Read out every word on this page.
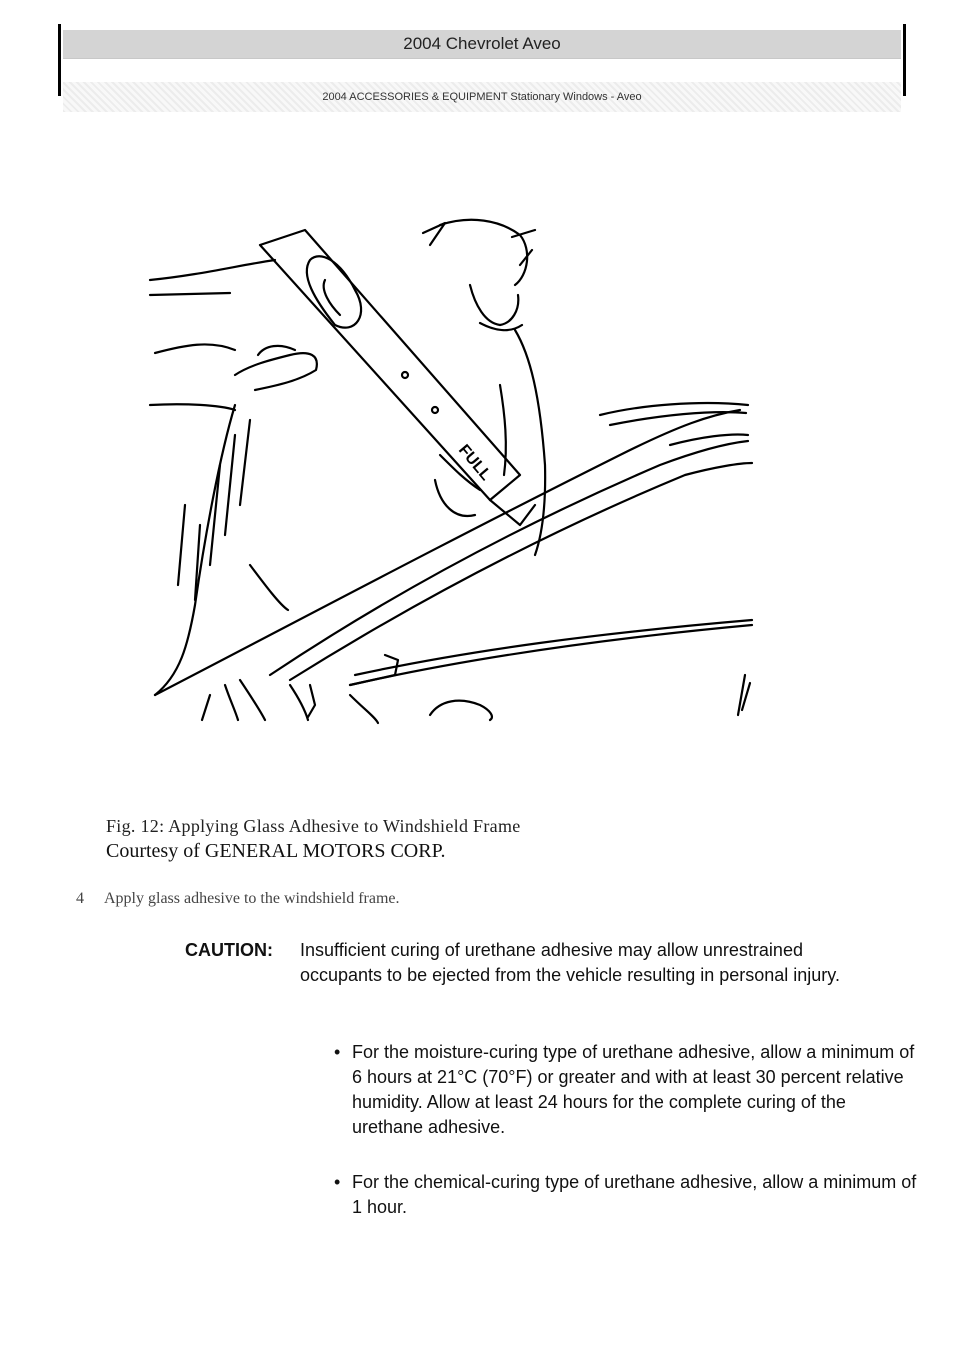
2004 Chevrolet Aveo
2004 ACCESSORIES & EQUIPMENT Stationary Windows - Aveo
FULL
Fig. 12: Applying Glass Adhesive to Windshield Frame
Courtesy of GENERAL MOTORS CORP.
4 Apply glass adhesive to the windshield frame.
CAUTION: Insufficient curing of urethane adhesive may allow unrestrained occupants to be ejected from the vehicle resulting in personal injury.
• For the moisture-curing type of urethane adhesive, allow a minimum of 6 hours at 21°C (70°F) or greater and with at least 30 percent relative humidity. Allow at least 24 hours for the complete curing of the urethane adhesive.
• For the chemical-curing type of urethane adhesive, allow a minimum of 1 hour.
